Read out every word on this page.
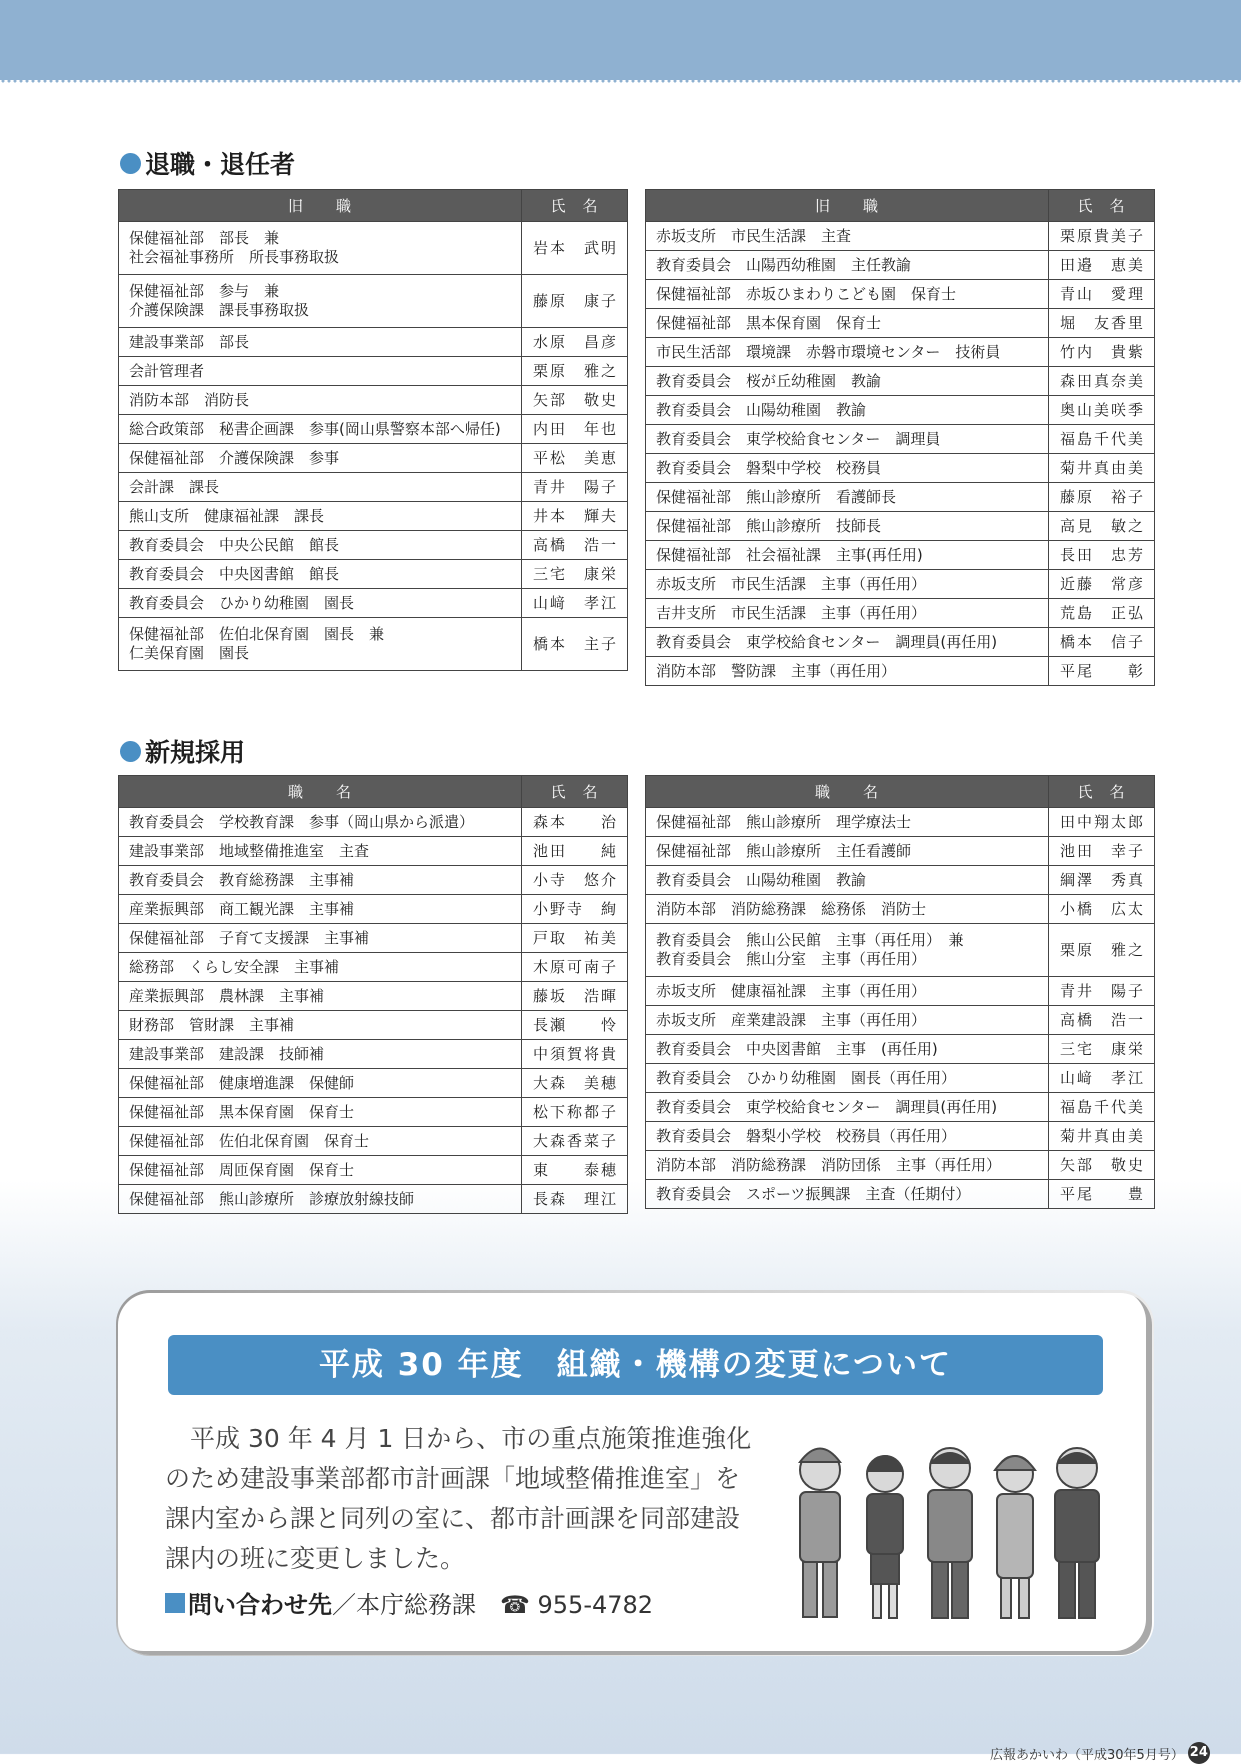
退職・退任者
旧　　職	氏　名
保健福祉部　部長　兼
社会福祉事務所　所長事務取扱	岩本　武明
保健福祉部　参与　兼
介護保険課　課長事務取扱	藤原　康子
建設事業部　部長	水原　昌彦
会計管理者	栗原　雅之
消防本部　消防長	矢部　敬史
総合政策部　秘書企画課　参事(岡山県警察本部へ帰任)	内田　年也
保健福祉部　介護保険課　参事	平松　美恵
会計課　課長	青井　陽子
熊山支所　健康福祉課　課長	井本　輝夫
教育委員会　中央公民館　館長	高橋　浩一
教育委員会　中央図書館　館長	三宅　康栄
教育委員会　ひかり幼稚園　園長	山﨑　孝江
保健福祉部　佐伯北保育園　園長　兼
仁美保育園　園長	橋本　主子
旧　　職	氏　名
赤坂支所　市民生活課　主査	栗原貴美子
教育委員会　山陽西幼稚園　主任教諭	田邉　恵美
保健福祉部　赤坂ひまわりこども園　保育士	青山　愛理
保健福祉部　黒本保育園　保育士	堀　友香里
市民生活部　環境課　赤磐市環境センター　技術員	竹内　貴紫
教育委員会　桜が丘幼稚園　教諭	森田真奈美
教育委員会　山陽幼稚園　教諭	奥山美咲季
教育委員会　東学校給食センター　調理員	福島千代美
教育委員会　磐梨中学校　校務員	菊井真由美
保健福祉部　熊山診療所　看護師長	藤原　裕子
保健福祉部　熊山診療所　技師長	高見　敏之
保健福祉部　社会福祉課　主事(再任用)	長田　忠芳
赤坂支所　市民生活課　主事（再任用）	近藤　常彦
吉井支所　市民生活課　主事（再任用）	荒島　正弘
教育委員会　東学校給食センター　調理員(再任用)	橋本　信子
消防本部　警防課　主事（再任用）	平尾　　彰
新規採用
職　　名	氏　名
教育委員会　学校教育課　参事（岡山県から派遣）	森本　　治
建設事業部　地域整備推進室　主査	池田　　純
教育委員会　教育総務課　主事補	小寺　悠介
産業振興部　商工観光課　主事補	小野寺　絢
保健福祉部　子育て支援課　主事補	戸取　祐美
総務部　くらし安全課　主事補	木原可南子
産業振興部　農林課　主事補	藤坂　浩暉
財務部　管財課　主事補	長瀬　　怜
建設事業部　建設課　技師補	中須賀将貴
保健福祉部　健康増進課　保健師	大森　美穂
保健福祉部　黒本保育園　保育士	松下称都子
保健福祉部　佐伯北保育園　保育士	大森香菜子
保健福祉部　周匝保育園　保育士	東　　泰穂
保健福祉部　熊山診療所　診療放射線技師	長森　理江
職　　名	氏　名
保健福祉部　熊山診療所　理学療法士	田中翔太郎
保健福祉部　熊山診療所　主任看護師	池田　幸子
教育委員会　山陽幼稚園　教諭	綱澤　秀真
消防本部　消防総務課　総務係　消防士	小橋　広太
教育委員会　熊山公民館　主事（再任用）　兼
教育委員会　熊山分室　主事（再任用）	栗原　雅之
赤坂支所　健康福祉課　主事（再任用）	青井　陽子
赤坂支所　産業建設課　主事（再任用）	高橋　浩一
教育委員会　中央図書館　主事　(再任用)	三宅　康栄
教育委員会　ひかり幼稚園　園長（再任用）	山﨑　孝江
教育委員会　東学校給食センター　調理員(再任用)	福島千代美
教育委員会　磐梨小学校　校務員（再任用）	菊井真由美
消防本部　消防総務課　消防団係　主事（再任用）	矢部　敬史
教育委員会　スポーツ振興課　主査（任期付）	平尾　　豊
平成 30 年度　組織・機構の変更について

平成 30 年 4 月 1 日から、市の重点施策推進強化のため建設事業部都市計画課「地域整備推進室」を課内室から課と同列の室に、都市計画課を同部建設課内の班に変更しました。

問い合わせ先 ／本庁総務課　☎ 955-4782
広報あかいわ（平成30年5月号） 24
